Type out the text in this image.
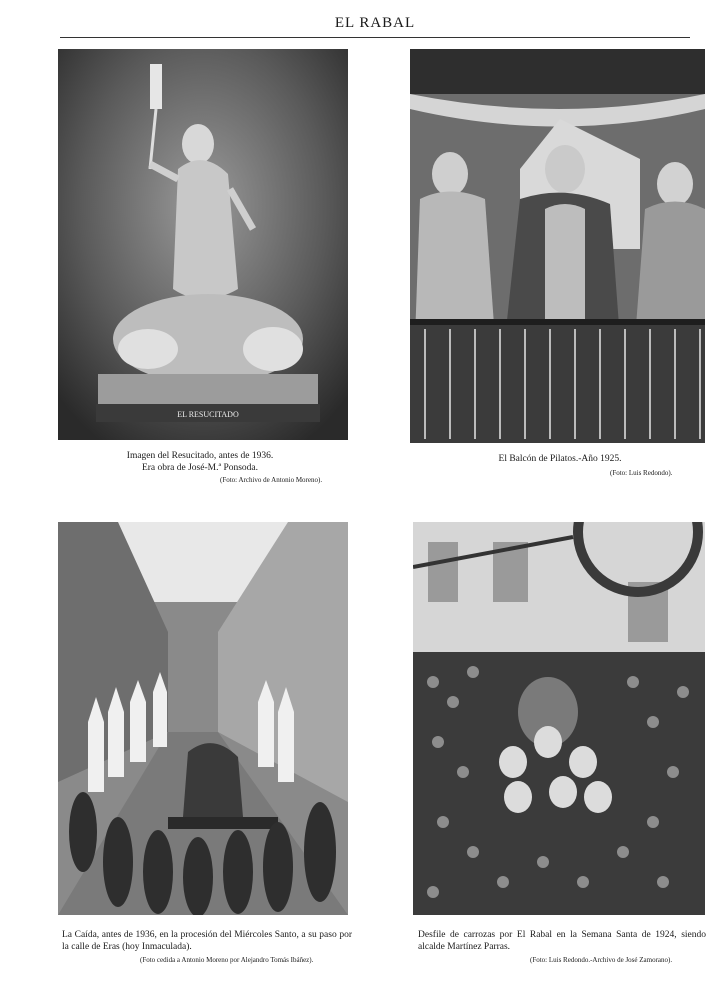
EL RABAL
EL RESUCITADO

Imagen del Resucitado, antes de 1936.

Era obra de José-M.ª Ponsoda.

(Foto: Archivo de Antonio Moreno).

El Balcón de Pilatos.-Año 1925.

(Foto: Luis Redondo).

La Caída, antes de 1936, en la procesión del Miércoles Santo, a su paso por la calle de Eras (hoy Inmaculada).

(Foto cedida a Antonio Moreno por Alejandro Tomás Ibáñez).

Desfile de carrozas por El Rabal en la Semana Santa de 1924, siendo alcalde Martínez Parras.

(Foto: Luis Redondo.-Archivo de José Zamorano).
